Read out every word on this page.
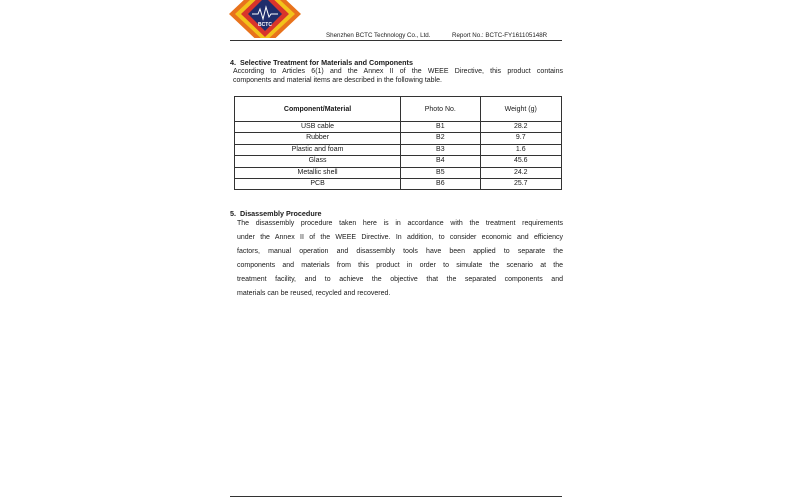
BCTC
Shenzhen BCTC Technology Co., Ltd.	Report No.: BCTC-FY161105148R
4. Selective Treatment for Materials and Components
According to Articles 6(1) and the Annex II of the WEEE Directive, this product contains
components and material items are described in the following table.
Component/Material	Photo No.	Weight (g)
USB cable	B1	28.2
Rubber	B2	9.7
Plastic and foam	B3	1.6
Glass	B4	45.6
Metallic shell	B5	24.2
PCB	B6	25.7
5. Disassembly Procedure
The disassembly procedure taken here is in accordance with the treatment requirements
under the Annex II of the WEEE Directive. In addition, to consider economic and efficiency
factors, manual operation and disassembly tools have been applied to separate the
components and materials from this product in order to simulate the scenario at the
treatment facility, and to achieve the objective that the separated components and
materials can be reused, recycled and recovered.
